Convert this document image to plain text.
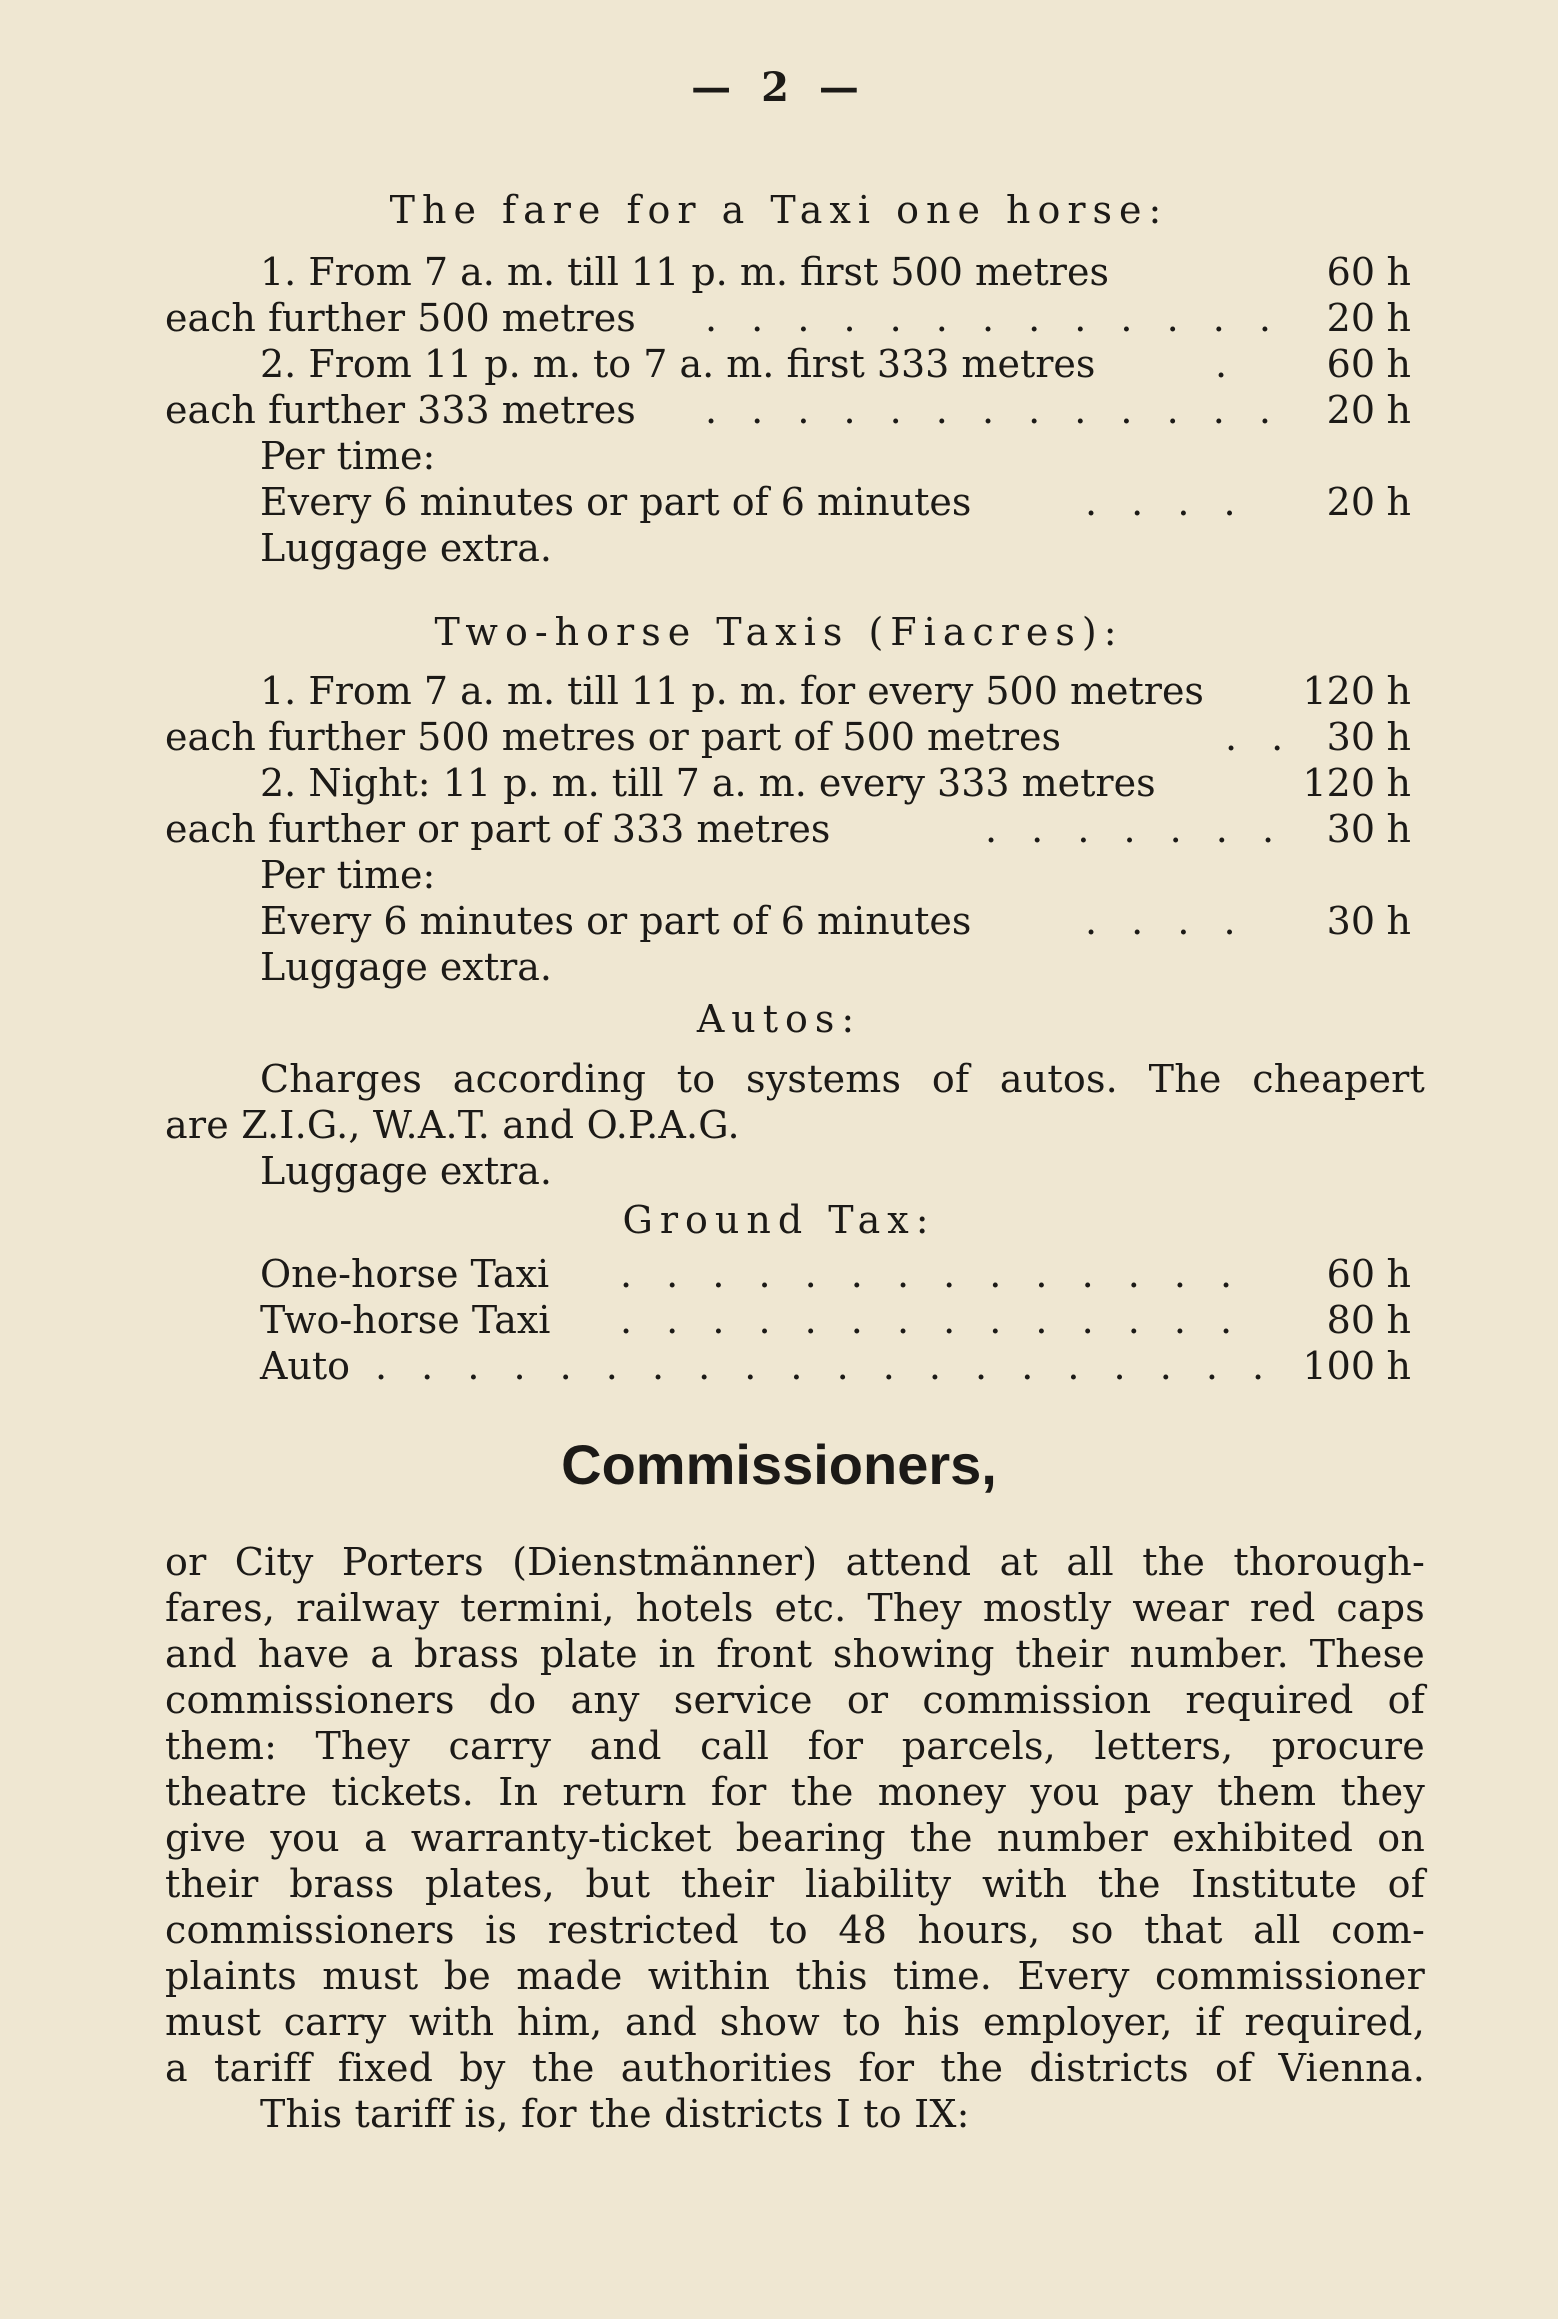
— 2 —
The fare for a Taxi one horse:
1. From 7 a. m. till 11 p. m. first 500 metres	60 h
each further 500 metres . . . . . . . . . . . . .	20 h
2. From 11 p. m. to 7 a. m. first 333 metres	.	60 h
each further 333 metres . . . . . . . . . . . . .	20 h
Per time:
Every 6 minutes or part of 6 minutes	. . . .	20 h
Luggage extra.
Two-horse Taxis (Fiacres):
1. From 7 a. m. till 11 p. m. for every 500 metres	120 h
each further 500 metres or part of 500 metres	. . 30 h
2. Night: 11 p. m. till 7 a. m. every 333 metres	120 h
each further or part of 333 metres	. . . . . . .	30 h
Per time:
Every 6 minutes or part of 6 minutes	. . . .	30 h
Luggage extra.
Autos:
Charges according to systems of autos. The cheapert
are Z.I.G., W.A.T. and O.P.A.G.
Luggage extra.
Ground Tax:
One-horse Taxi . . . . . . . . . . . . . .	60 h
Two-horse Taxi . . . . . . . . . . . . . .	80 h
Auto . . . . . . . . . . . . . . . . . . . . 100 h
Commissioners,
or City Porters (Dienstmänner) attend at all the thorough-
fares, railway termini, hotels etc. They mostly wear red caps
and have a brass plate in front showing their number. These
commissioners do any service or commission required of
them: They carry and call for parcels, letters, procure
theatre tickets. In return for the money you pay them they
give you a warranty-ticket bearing the number exhibited on
their brass plates, but their liability with the Institute of
commissioners is restricted to 48 hours, so that all com-
plaints must be made within this time. Every commissioner
must carry with him, and show to his employer, if required,
a tariff fixed by the authorities for the districts of Vienna.
This tariff is, for the districts I to IX:
